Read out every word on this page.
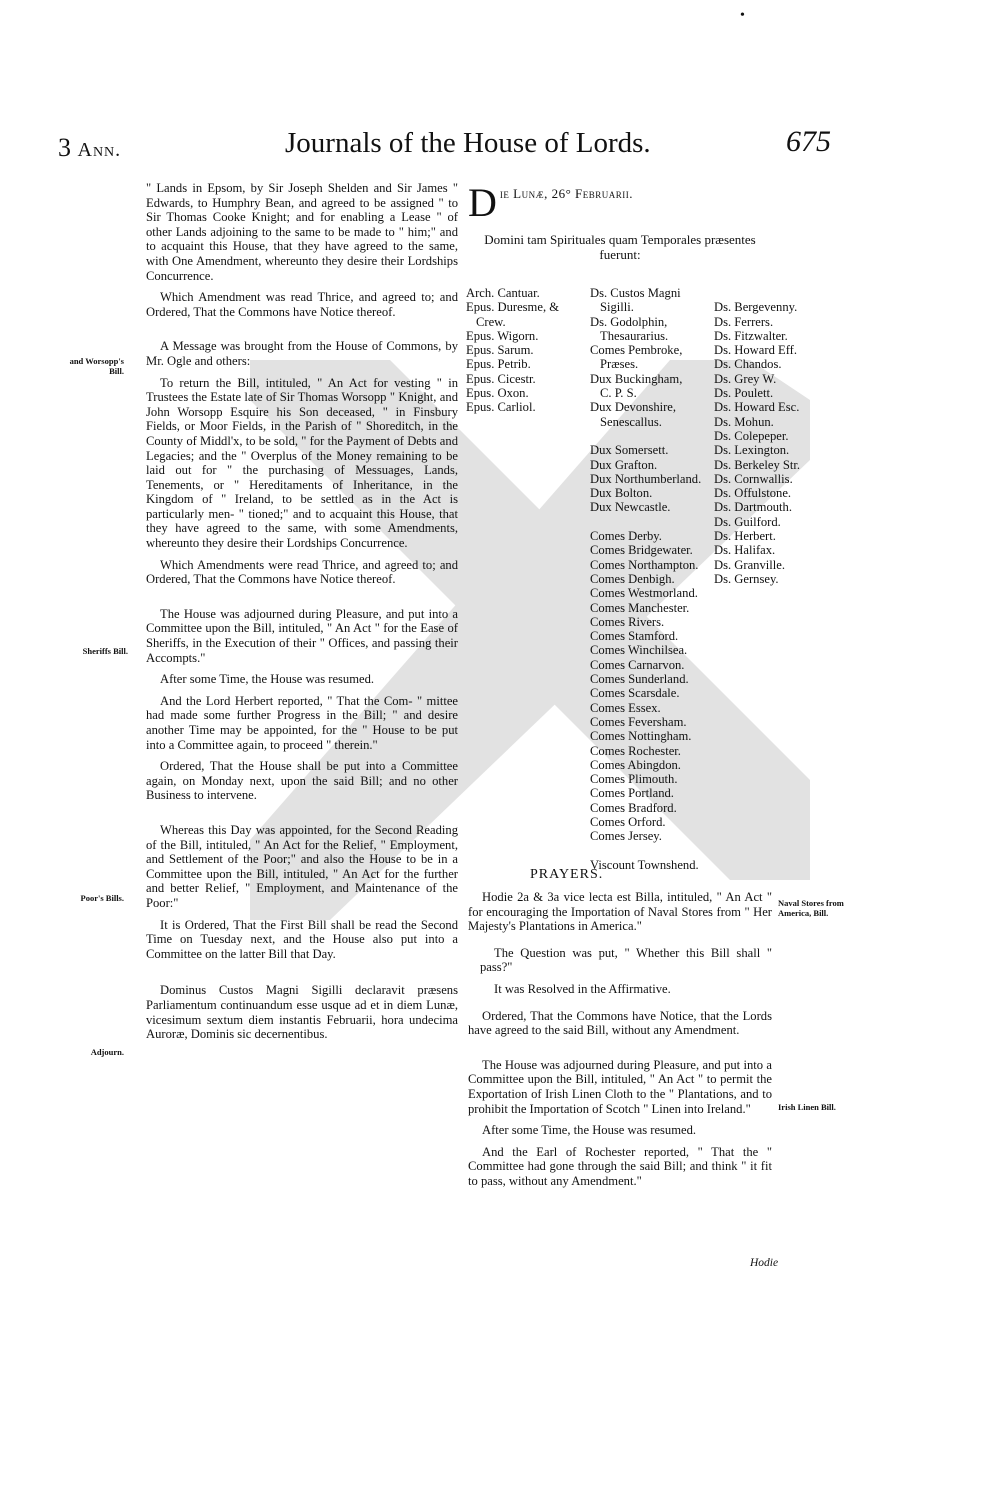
•
3 Ann.	Journals of the House of Lords.	675
and Worsopp's Bill.
Sheriffs Bill.
Poor's Bills.
Adjourn.
Naval Stores from America, Bill.
Irish Linen Bill.

" Lands in Epsom, by Sir Joseph Shelden and Sir James " Edwards, to Humphry Bean, and agreed to be assigned " to Sir Thomas Cooke Knight; and for enabling a Lease " of other Lands adjoining to the same to be made to " him;" and to acquaint this House, that they have agreed to the same, with One Amendment, whereunto they desire their Lordships Concurrence.

Which Amendment was read Thrice, and agreed to; and Ordered, That the Commons have Notice thereof.

A Message was brought from the House of Commons, by Mr. Ogle and others:

To return the Bill, intituled, " An Act for vesting " in Trustees the Estate late of Sir Thomas Worsopp " Knight, and John Worsopp Esquire his Son deceased, " in Finsbury Fields, or Moor Fields, in the Parish of " Shoreditch, in the County of Middl'x, to be sold, " for the Payment of Debts and Legacies; and the " Overplus of the Money remaining to be laid out for " the purchasing of Messuages, Lands, Tenements, or " Hereditaments of Inheritance, in the Kingdom of " Ireland, to be settled as in the Act is particularly men- " tioned;" and to acquaint this House, that they have agreed to the same, with some Amendments, whereunto they desire their Lordships Concurrence.

Which Amendments were read Thrice, and agreed to; and Ordered, That the Commons have Notice thereof.

The House was adjourned during Pleasure, and put into a Committee upon the Bill, intituled, " An Act " for the Ease of Sheriffs, in the Execution of their " Offices, and passing their Accompts."

After some Time, the House was resumed.

And the Lord Herbert reported, " That the Com- " mittee had made some further Progress in the Bill; " and desire another Time may be appointed, for the " House to be put into a Committee again, to proceed " therein."

Ordered, That the House shall be put into a Committee again, on Monday next, upon the said Bill; and no other Business to intervene.

Whereas this Day was appointed, for the Second Reading of the Bill, intituled, " An Act for the Relief, " Employment, and Settlement of the Poor;" and also the House to be in a Committee upon the Bill, intituled, " An Act for the further and better Relief, " Employment, and Maintenance of the Poor:"

It is Ordered, That the First Bill shall be read the Second Time on Tuesday next, and the House also put into a Committee on the latter Bill that Day.

Dominus Custos Magni Sigilli declaravit præsens Parliamentum continuandum esse usque ad et in diem Lunæ, vicesimum sextum diem instantis Februarii, hora undecima Auroræ, Dominis sic decernentibus.

D ie Lunæ, 26° Februarii.
Domini tam Spirituales quam Temporales præsentes fuerunt:
Arch. Cantuar.
Epus. Duresme, &
Crew.
Epus. Wigorn.
Epus. Sarum.
Epus. Petrib.
Epus. Cicestr.
Epus. Oxon.
Epus. Carliol.
Ds. Custos Magni
Sigilli.
Ds. Godolphin,
Thesaurarius.
Comes Pembroke,
Præses.
Dux Buckingham,
C. P. S.
Dux Devonshire,
Senescallus.

Dux Somersett.
Dux Grafton.
Dux Northumberland.
Dux Bolton.
Dux Newcastle.

Comes Derby.
Comes Bridgewater.
Comes Northampton.
Comes Denbigh.
Comes Westmorland.
Comes Manchester.
Comes Rivers.
Comes Stamford.
Comes Winchilsea.
Comes Carnarvon.
Comes Sunderland.
Comes Scarsdale.
Comes Essex.
Comes Feversham.
Comes Nottingham.
Comes Rochester.
Comes Abingdon.
Comes Plimouth.
Comes Portland.
Comes Bradford.
Comes Orford.
Comes Jersey.

Viscount Townshend.

Ds. Bergevenny.
Ds. Ferrers.
Ds. Fitzwalter.
Ds. Howard Eff.
Ds. Chandos.
Ds. Grey W.
Ds. Poulett.
Ds. Howard Esc.
Ds. Mohun.
Ds. Colepeper.
Ds. Lexington.
Ds. Berkeley Str.
Ds. Cornwallis.
Ds. Offulstone.
Ds. Dartmouth.
Ds. Guilford.
Ds. Herbert.
Ds. Halifax.
Ds. Granville.
Ds. Gernsey.
PRAYERS.

Hodie 2a & 3a vice lecta est Billa, intituled, " An Act " for encouraging the Importation of Naval Stores from " Her Majesty's Plantations in America."

The Question was put, " Whether this Bill shall " pass?"

It was Resolved in the Affirmative.

Ordered, That the Commons have Notice, that the Lords have agreed to the said Bill, without any Amendment.

The House was adjourned during Pleasure, and put into a Committee upon the Bill, intituled, " An Act " to permit the Exportation of Irish Linen Cloth to the " Plantations, and to prohibit the Importation of Scotch " Linen into Ireland."

After some Time, the House was resumed.

And the Earl of Rochester reported, " That the " Committee had gone through the said Bill; and think " it fit to pass, without any Amendment."

Hodie
